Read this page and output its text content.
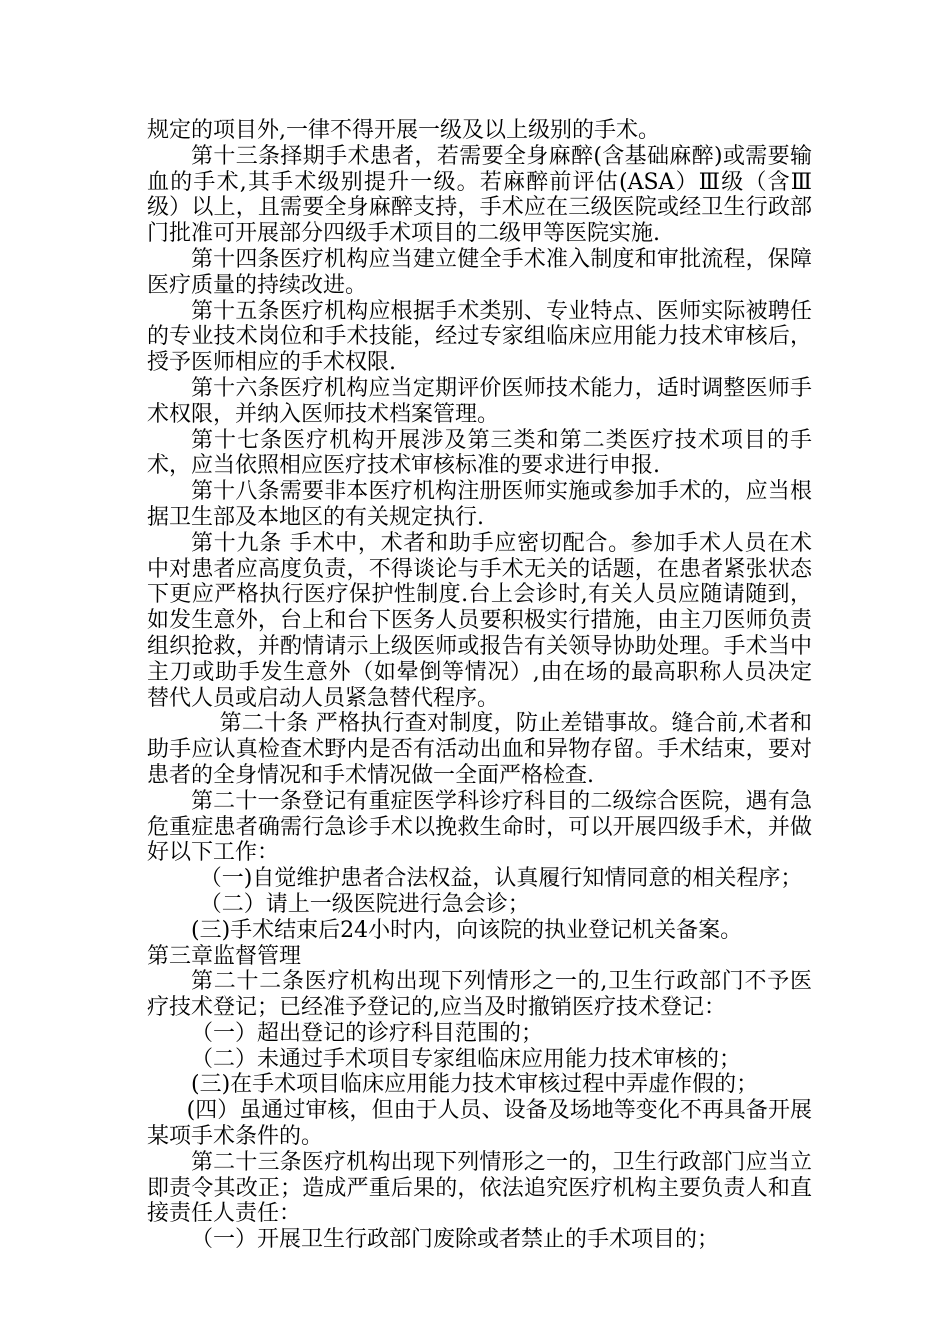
规定的项目外,一律不得开展一级及以上级别的手术。

第十三条择期手术患者，若需要全身麻醉(含基础麻醉)或需要输血的手术,其手术级别提升一级。若麻醉前评估(ASA）Ⅲ级（含Ⅲ级）以上，且需要全身麻醉支持，手术应在三级医院或经卫生行政部门批准可开展部分四级手术项目的二级甲等医院实施.

第十四条医疗机构应当建立健全手术准入制度和审批流程，保障医疗质量的持续改进。

第十五条医疗机构应根据手术类别、专业特点、医师实际被聘任的专业技术岗位和手术技能，经过专家组临床应用能力技术审核后，授予医师相应的手术权限.

第十六条医疗机构应当定期评价医师技术能力，适时调整医师手术权限，并纳入医师技术档案管理。

第十七条医疗机构开展涉及第三类和第二类医疗技术项目的手术，应当依照相应医疗技术审核标准的要求进行申报.

第十八条需要非本医疗机构注册医师实施或参加手术的，应当根据卫生部及本地区的有关规定执行.

第十九条 手术中，术者和助手应密切配合。参加手术人员在术中对患者应高度负责，不得谈论与手术无关的话题，在患者紧张状态下更应严格执行医疗保护性制度.台上会诊时,有关人员应随请随到，如发生意外，台上和台下医务人员要积极实行措施，由主刀医师负责组织抢救，并酌情请示上级医师或报告有关领导协助处理。手术当中主刀或助手发生意外（如晕倒等情况）,由在场的最高职称人员决定替代人员或启动人员紧急替代程序。

第二十条 严格执行查对制度，防止差错事故。缝合前,术者和助手应认真检查术野内是否有活动出血和异物存留。手术结束，要对患者的全身情况和手术情况做一全面严格检查.

第二十一条登记有重症医学科诊疗科目的二级综合医院，遇有急危重症患者确需行急诊手术以挽救生命时，可以开展四级手术，并做好以下工作：

（一)自觉维护患者合法权益，认真履行知情同意的相关程序；

（二）请上一级医院进行急会诊；

(三)手术结束后24小时内，向该院的执业登记机关备案。

第三章监督管理

第二十二条医疗机构出现下列情形之一的,卫生行政部门不予医疗技术登记；已经准予登记的,应当及时撤销医疗技术登记：

（一）超出登记的诊疗科目范围的；

（二）未通过手术项目专家组临床应用能力技术审核的；

(三)在手术项目临床应用能力技术审核过程中弄虚作假的；

(四）虽通过审核，但由于人员、设备及场地等变化不再具备开展某项手术条件的。

第二十三条医疗机构出现下列情形之一的，卫生行政部门应当立即责令其改正；造成严重后果的，依法追究医疗机构主要负责人和直接责任人责任：

（一）开展卫生行政部门废除或者禁止的手术项目的；
